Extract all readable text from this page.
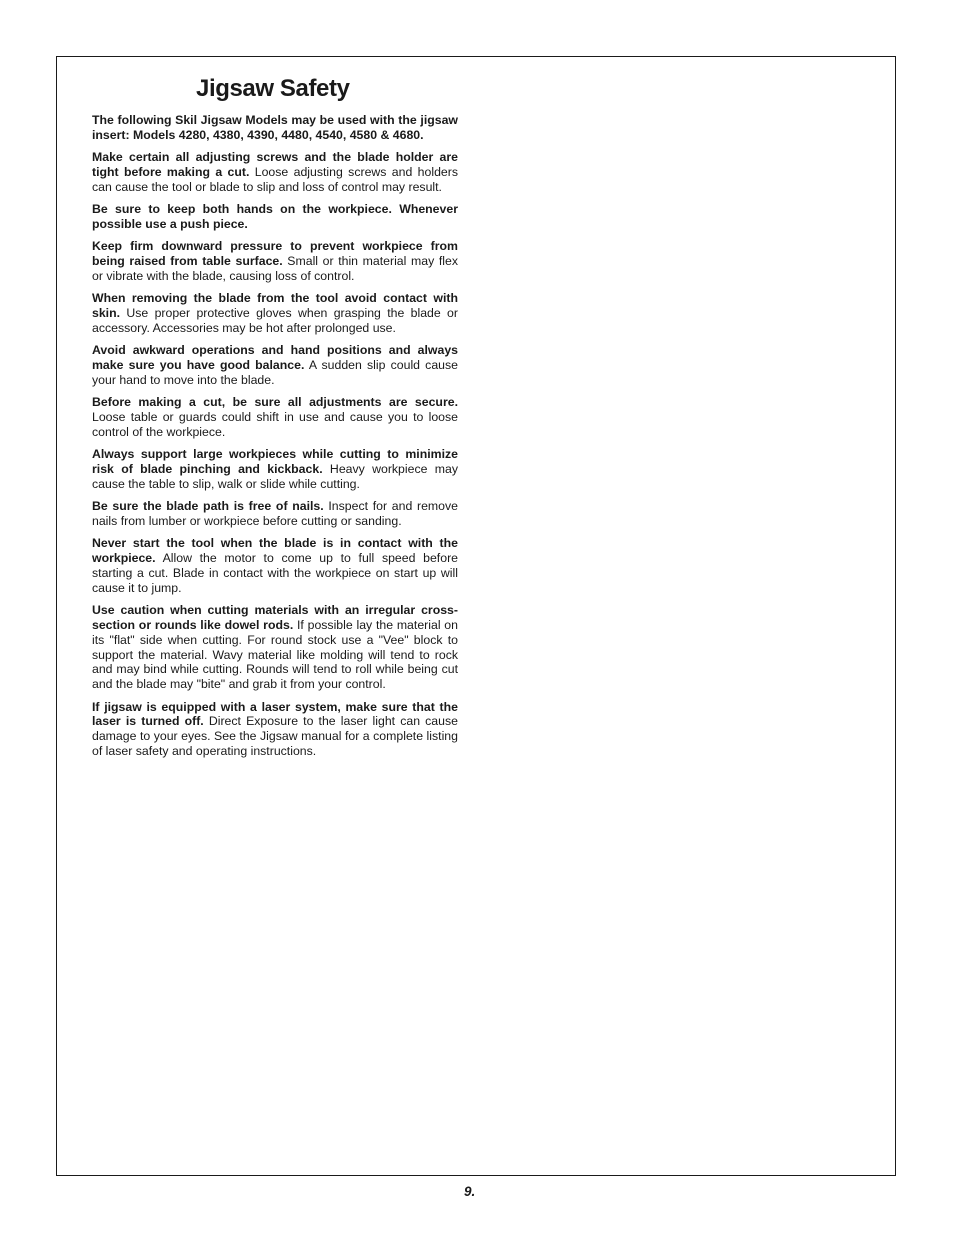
Jigsaw Safety

The following Skil Jigsaw Models may be used with the jigsaw insert: Models 4280, 4380, 4390, 4480, 4540, 4580 & 4680.

Make certain all adjusting screws and the blade holder are tight before making a cut. Loose adjusting screws and holders can cause the tool or blade to slip and loss of control may result.

Be sure to keep both hands on the workpiece. Whenever possible use a push piece.

Keep firm downward pressure to prevent workpiece from being raised from table surface. Small or thin material may flex or vibrate with the blade, causing loss of control.

When removing the blade from the tool avoid contact with skin. Use proper protective gloves when grasping the blade or accessory. Accessories may be hot after prolonged use.

Avoid awkward operations and hand positions and always make sure you have good balance. A sudden slip could cause your hand to move into the blade.

Before making a cut, be sure all adjustments are secure. Loose table or guards could shift in use and cause you to loose control of the workpiece.

Always support large workpieces while cutting to minimize risk of blade pinching and kickback. Heavy workpiece may cause the table to slip, walk or slide while cutting.

Be sure the blade path is free of nails. Inspect for and remove nails from lumber or workpiece before cutting or sanding.

Never start the tool when the blade is in contact with the workpiece. Allow the motor to come up to full speed before starting a cut. Blade in contact with the workpiece on start up will cause it to jump.

Use caution when cutting materials with an irregular cross-section or rounds like dowel rods. If possible lay the material on its "flat" side when cutting. For round stock use a "Vee" block to support the material. Wavy material like molding will tend to rock and may bind while cutting. Rounds will tend to roll while being cut and the blade may "bite" and grab it from your control.

If jigsaw is equipped with a laser system, make sure that the laser is turned off. Direct Exposure to the laser light can cause damage to your eyes. See the Jigsaw manual for a complete listing of laser safety and operating instructions.

9.
